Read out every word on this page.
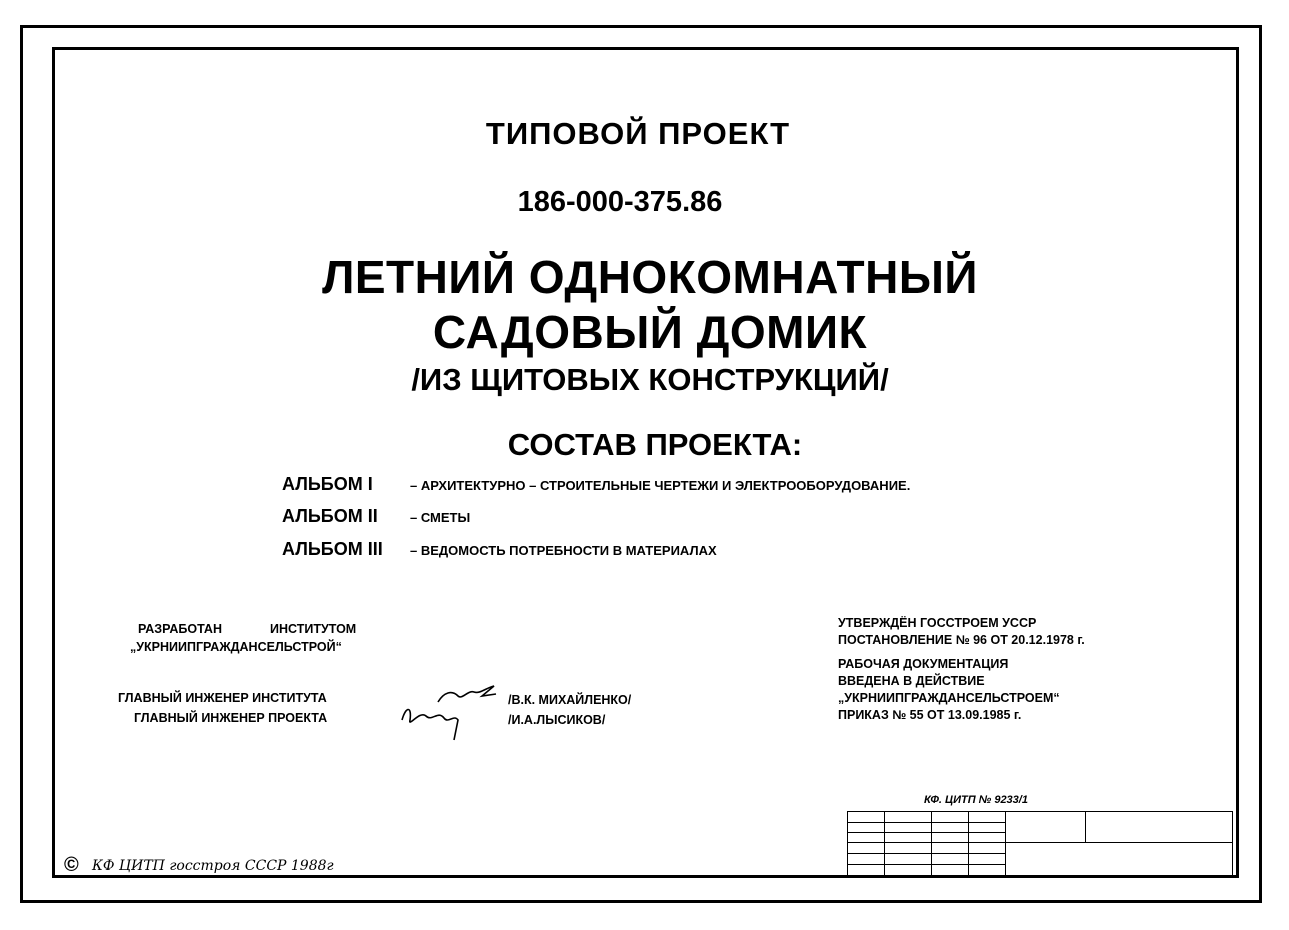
ТИПОВОЙ ПРОЕКТ
186-000-375.86
ЛЕТНИЙ ОДНОКОМНАТНЫЙ
САДОВЫЙ ДОМИК
/ИЗ ЩИТОВЫХ КОНСТРУКЦИЙ/
СОСТАВ ПРОЕКТА:
АЛЬБОМ I	– АРХИТЕКТУРНО – СТРОИТЕЛЬНЫЕ ЧЕРТЕЖИ И ЭЛЕКТРООБОРУДОВАНИЕ.
АЛЬБОМ II – СМЕТЫ
АЛЬБОМ III – ВЕДОМОСТЬ ПОТРЕБНОСТИ В МАТЕРИАЛАХ
РАЗРАБОТАН	ИНСТИТУТОМ
„УКРНИИПГРАЖДАНСЕЛЬСТРОЙ“
ГЛАВНЫЙ ИНЖЕНЕР ИНСТИТУТА	/В.К. МИХАЙЛЕНКО/
ГЛАВНЫЙ ИНЖЕНЕР ПРОЕКТА	/И.А.ЛЫСИКОВ/
УТВЕРЖДЁН ГОССТРОЕМ УССР
ПОСТАНОВЛЕНИЕ № 96 ОТ 20.12.1978 г.
РАБОЧАЯ ДОКУМЕНТАЦИЯ
ВВЕДЕНА В ДЕЙСТВИЕ
„УКРНИИПГРАЖДАНСЕЛЬСТРОЕМ“
ПРИКАЗ № 55 ОТ 13.09.1985 г.
КФ. ЦИТП № 9233/1

© КФ ЦИТП госстроя СССР 1988г
